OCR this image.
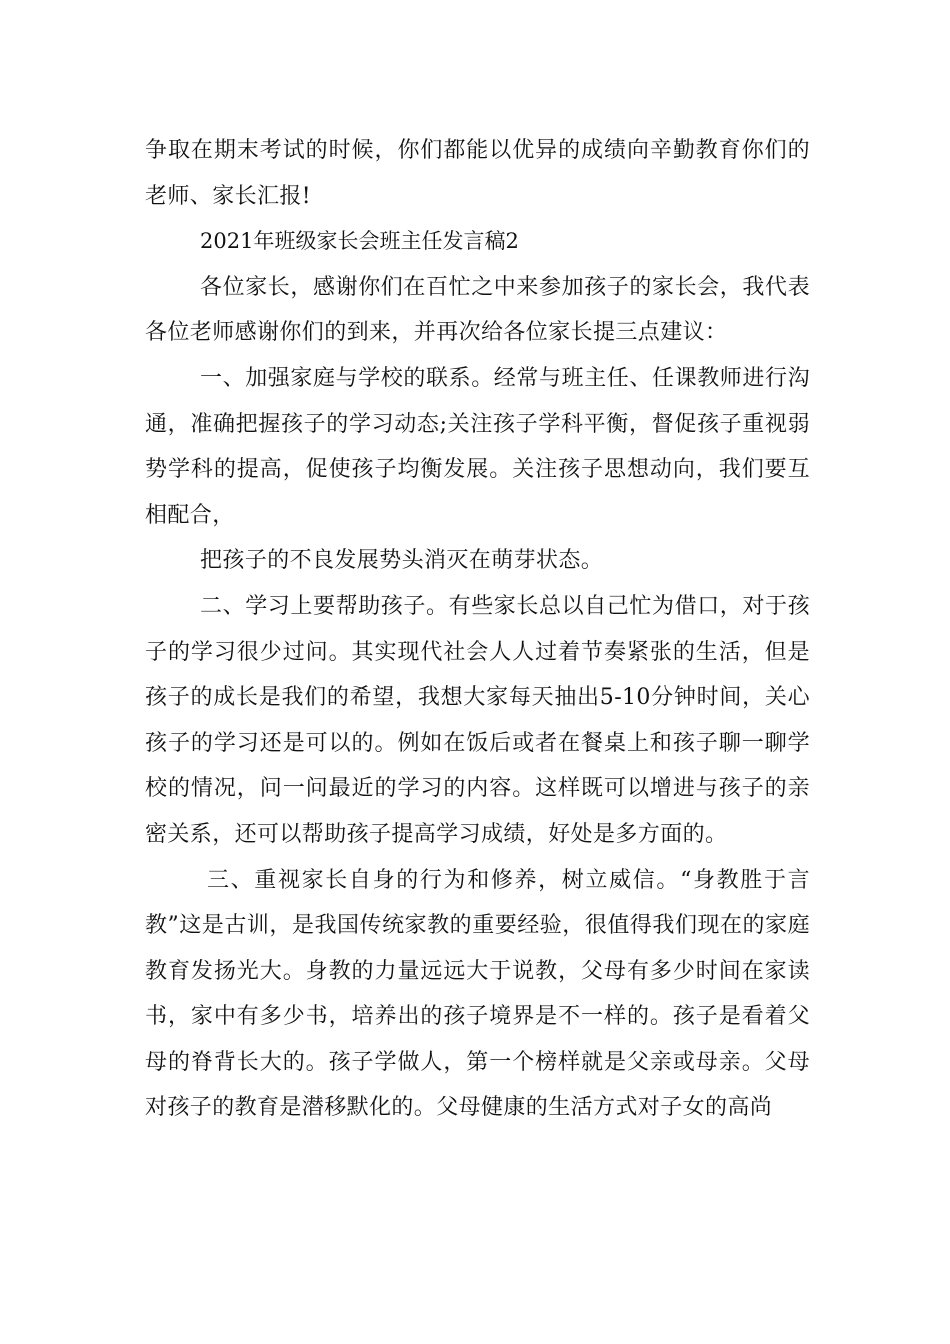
争取在期末考试的时候，你们都能以优异的成绩向辛勤教育你们的老师、家长汇报!

2021年班级家长会班主任发言稿2

各位家长，感谢你们在百忙之中来参加孩子的家长会，我代表各位老师感谢你们的到来，并再次给各位家长提三点建议：

一、加强家庭与学校的联系。经常与班主任、任课教师进行沟通，准确把握孩子的学习动态;关注孩子学科平衡，督促孩子重视弱势学科的提高，促使孩子均衡发展。关注孩子思想动向，我们要互相配合，

把孩子的不良发展势头消灭在萌芽状态。

二、学习上要帮助孩子。有些家长总以自己忙为借口，对于孩子的学习很少过问。其实现代社会人人过着节奏紧张的生活，但是孩子的成长是我们的希望，我想大家每天抽出5-10分钟时间，关心孩子的学习还是可以的。例如在饭后或者在餐桌上和孩子聊一聊学校的情况，问一问最近的学习的内容。这样既可以增进与孩子的亲密关系，还可以帮助孩子提高学习成绩，好处是多方面的。

三、重视家长自身的行为和修养，树立威信。“身教胜于言教”这是古训，是我国传统家教的重要经验，很值得我们现在的家庭教育发扬光大。身教的力量远远大于说教，父母有多少时间在家读书，家中有多少书，培养出的孩子境界是不一样的。孩子是看着父母的脊背长大的。孩子学做人，第一个榜样就是父亲或母亲。父母对孩子的教育是潜移默化的。父母健康的生活方式对子女的高尚
